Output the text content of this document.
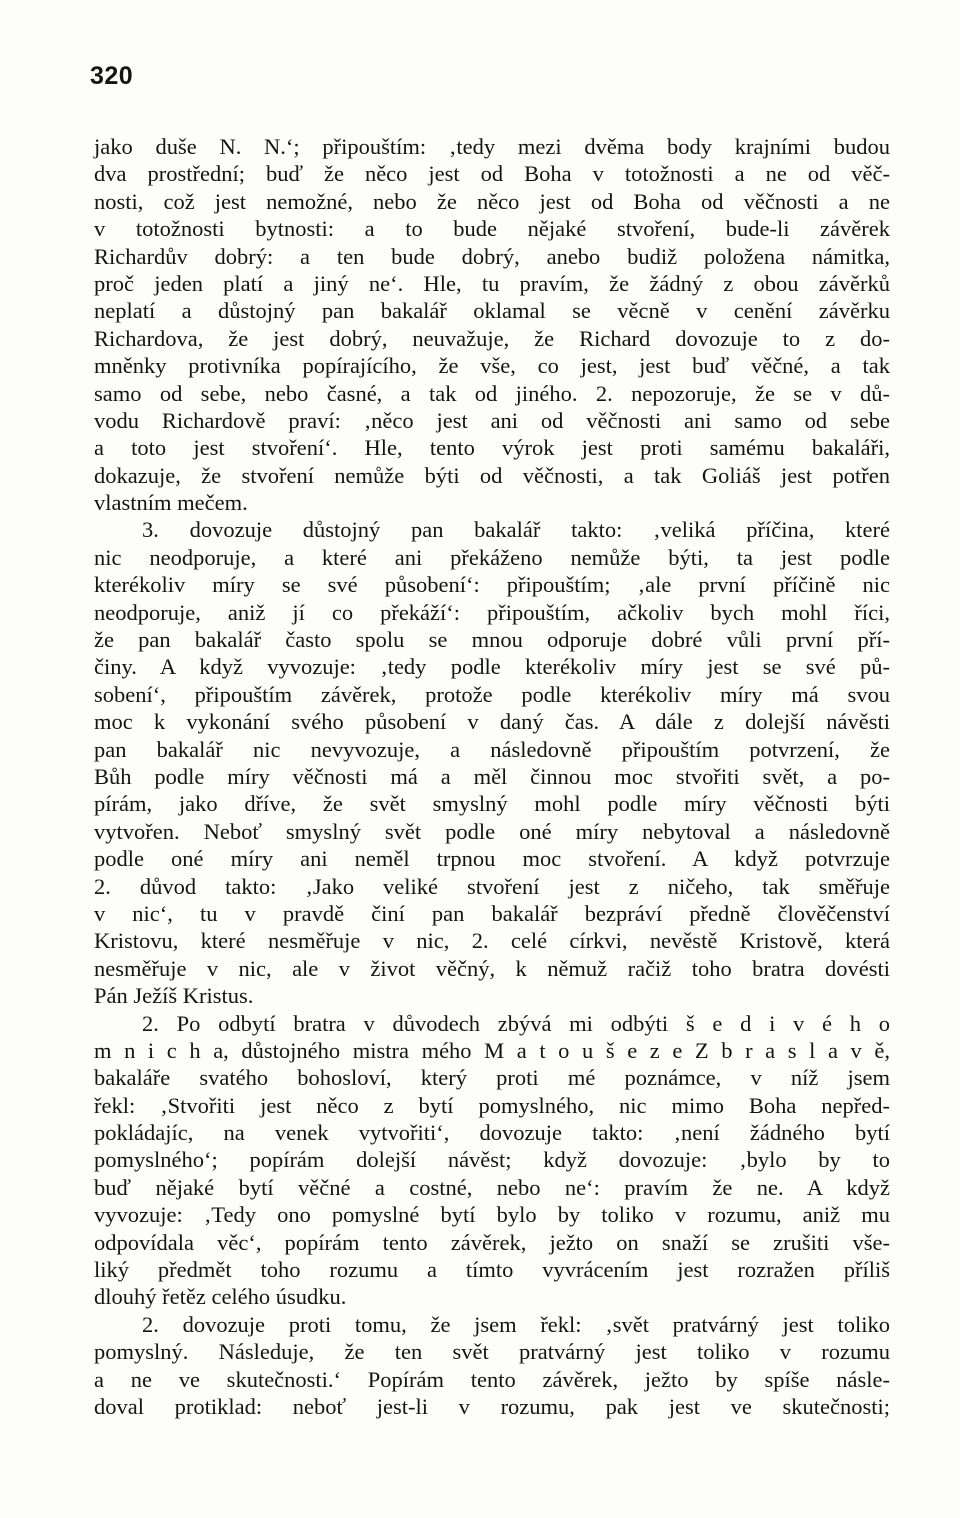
320
jako duše N. N.‘; připouštím: ‚tedy mezi dvěma body krajními budou
dva prostřední; buď že něco jest od Boha v totožnosti a ne od věč-
nosti, což jest nemožné, nebo že něco jest od Boha od věčnosti a ne
v totožnosti bytnosti: a to bude nějaké stvoření, bude-li závěrek
Richardův dobrý: a ten bude dobrý, anebo budiž položena námitka,
proč jeden platí a jiný ne‘. Hle, tu pravím, že žádný z obou závěrků
neplatí a důstojný pan bakalář oklamal se věcně v cenění závěrku
Richardova, že jest dobrý, neuvažuje, že Richard dovozuje to z do-
mněnky protivníka popírajícího, že vše, co jest, jest buď věčné, a tak
samo od sebe, nebo časné, a tak od jiného. 2. nepozoruje, že se v dů-
vodu Richardově praví: ‚něco jest ani od věčnosti ani samo od sebe
a toto jest stvoření‘. Hle, tento výrok jest proti samému bakaláři,
dokazuje, že stvoření nemůže býti od věčnosti, a tak Goliáš jest potřen
vlastním mečem.
3. dovozuje důstojný pan bakalář takto: ‚veliká příčina, které
nic neodporuje, a které ani překáženo nemůže býti, ta jest podle
kterékoliv míry se své působení‘: připouštím; ‚ale první příčině nic
neodporuje, aniž jí co překáží‘: připouštím, ačkoliv bych mohl říci,
že pan bakalář často spolu se mnou odporuje dobré vůli první pří-
činy. A když vyvozuje: ‚tedy podle kterékoliv míry jest se své pů-
sobení‘, připouštím závěrek, protože podle kterékoliv míry má svou
moc k vykonání svého působení v daný čas. A dále z dolejší návěsti
pan bakalář nic nevyvozuje, a následovně připouštím potvrzení, že
Bůh podle míry věčnosti má a měl činnou moc stvořiti svět, a po-
pírám, jako dříve, že svět smyslný mohl podle míry věčnosti býti
vytvořen. Neboť smyslný svět podle oné míry nebytoval a následovně
podle oné míry ani neměl trpnou moc stvoření. A když potvrzuje
2. důvod takto: ‚Jako veliké stvoření jest z ničeho, tak směřuje
v nic‘, tu v pravdě činí pan bakalář bezpráví předně člověčenství
Kristovu, které nesměřuje v nic, 2. celé církvi, nevěstě Kristově, která
nesměřuje v nic, ale v život věčný, k němuž račiž toho bratra dovésti
Pán Ježíš Kristus.
2. Po odbytí bratra v důvodech zbývá mi odbýti š e d i v é h o
m n i c h a, důstojného mistra mého M a t o u š e z e Z b r a s l a v ě,
bakaláře svatého bohosloví, který proti mé poznámce, v níž jsem
řekl: ‚Stvořiti jest něco z bytí pomyslného, nic mimo Boha nepřed-
pokládajíc, na venek vytvořiti‘, dovozuje takto: ‚není žádného bytí
pomyslného‘; popírám dolejší návěst; když dovozuje: ‚bylo by to
buď nějaké bytí věčné a costné, nebo ne‘: pravím že ne. A když
vyvozuje: ‚Tedy ono pomyslné bytí bylo by toliko v rozumu, aniž mu
odpovídala věc‘, popírám tento závěrek, ježto on snaží se zrušiti vše-
liký předmět toho rozumu a tímto vyvrácením jest rozražen příliš
dlouhý řetěz celého úsudku.
2. dovozuje proti tomu, že jsem řekl: ‚svět pratvárný jest toliko
pomyslný. Následuje, že ten svět pratvárný jest toliko v rozumu
a ne ve skutečnosti.‘ Popírám tento závěrek, ježto by spíše násle-
doval protiklad: neboť jest-li v rozumu, pak jest ve skutečnosti;
